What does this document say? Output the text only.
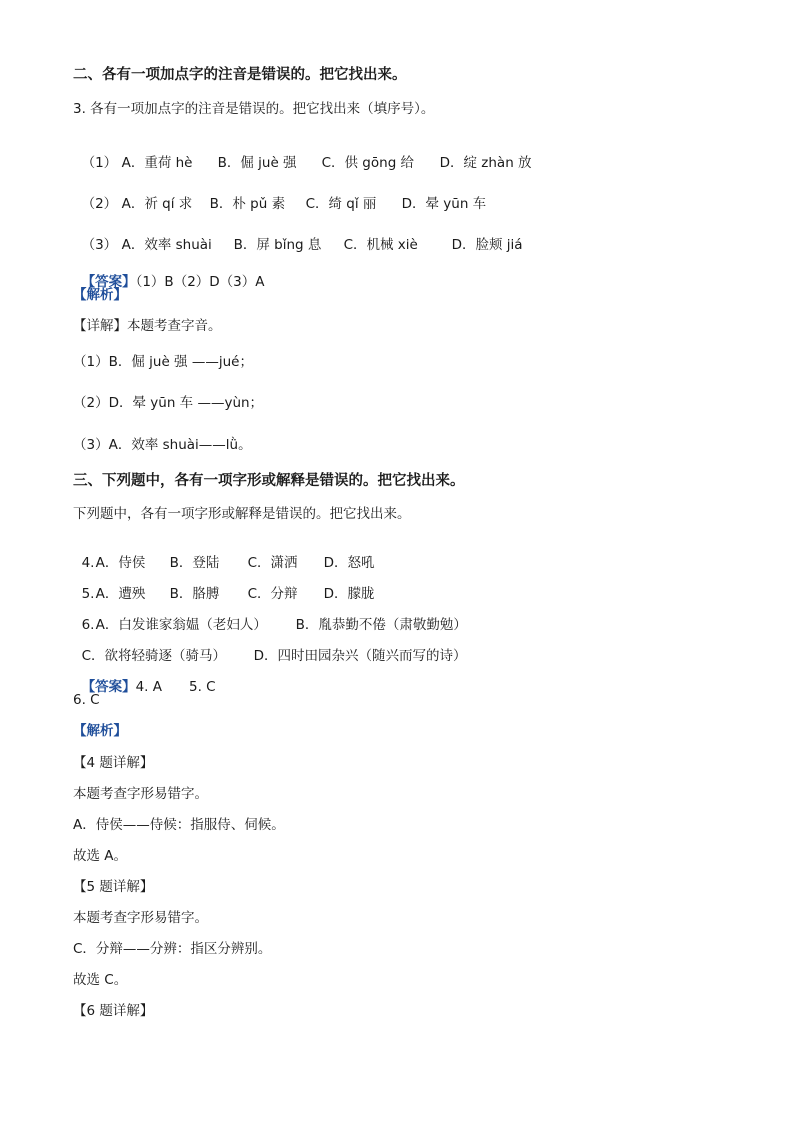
二、各有一项加点字的注音是错误的。把它找出来。
3. 各有一项加点字的注音是错误的。把它找出来（填序号）。

（1） A．重荷 hè B．倔 juè 强 C．供 gōng 给 D．绽 zhàn 放

（2） A．祈 qí 求 B．朴 pǔ 素 C．绮 qǐ 丽 D．晕 yūn 车

（3） A．效率 shuài B．屏 bǐng 息 C．机械 xiè D．脸颊 jiá

【答案】（1）B（2）D（3）A

【解析】
【详解】本题考查字音。
（1）B．倔 juè 强 ——jué；
（2）D．晕 yūn 车 ——yùn；
（3）A．效率 shuài——lǜ。
三、下列题中，各有一项字形或解释是错误的。把它找出来。
下列题中，各有一项字形或解释是错误的。把它找出来。

4.A．侍侯 B．登陆 C．潇洒 D．怒吼

5.A．遭殃 B．胳膊 C．分辩 D．朦胧

6.A．白发谁家翁媪（老妇人） B．胤恭勤不倦（肃敬勤勉）

C．欲将轻骑逐（骑马） D．四时田园杂兴（随兴而写的诗）

【答案】4. A　　5. C

6. C
【解析】
【4 题详解】
本题考查字形易错字。
A．侍侯——侍候：指服侍、伺候。
故选 A。
【5 题详解】
本题考查字形易错字。
C．分辩——分辨：指区分辨别。
故选 C。
【6 题详解】
